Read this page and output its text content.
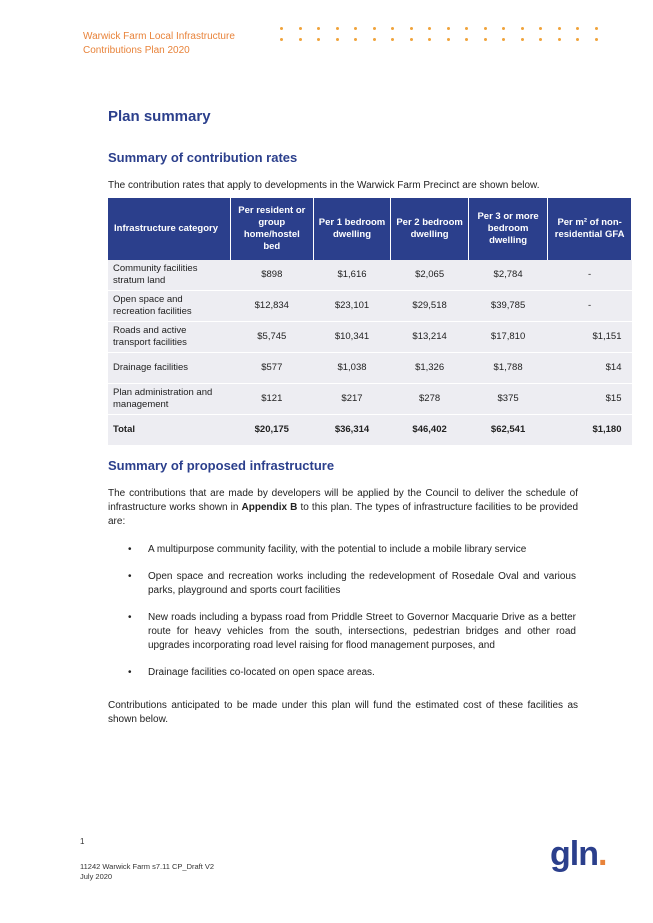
Warwick Farm Local Infrastructure
Contributions Plan 2020
Plan summary
Summary of contribution rates
The contribution rates that apply to developments in the Warwick Farm Precinct are shown below.
Infrastructure category	Per resident or group home/hostel bed	Per 1 bedroom dwelling	Per 2 bedroom dwelling	Per 3 or more bedroom dwelling	Per m² of non-residential GFA
Community facilities stratum land	$898	$1,616	$2,065	$2,784	-
Open space and recreation facilities	$12,834	$23,101	$29,518	$39,785	-
Roads and active transport facilities	$5,745	$10,341	$13,214	$17,810	$1,151
Drainage facilities	$577	$1,038	$1,326	$1,788	$14
Plan administration and management	$121	$217	$278	$375	$15
Total	$20,175	$36,314	$46,402	$62,541	$1,180
Summary of proposed infrastructure
The contributions that are made by developers will be applied by the Council to deliver the schedule of infrastructure works shown in Appendix B to this plan. The types of infrastructure facilities to be provided are:
• A multipurpose community facility, with the potential to include a mobile library service
• Open space and recreation works including the redevelopment of Rosedale Oval and various parks, playground and sports court facilities
• New roads including a bypass road from Priddle Street to Governor Macquarie Drive as a better route for heavy vehicles from the south, intersections, pedestrian bridges and other road upgrades incorporating road level raising for flood management purposes, and
• Drainage facilities co-located on open space areas.
Contributions anticipated to be made under this plan will fund the estimated cost of these facilities as shown below.
1
11242 Warwick Farm s7.11 CP_Draft V2
July 2020
gln.
